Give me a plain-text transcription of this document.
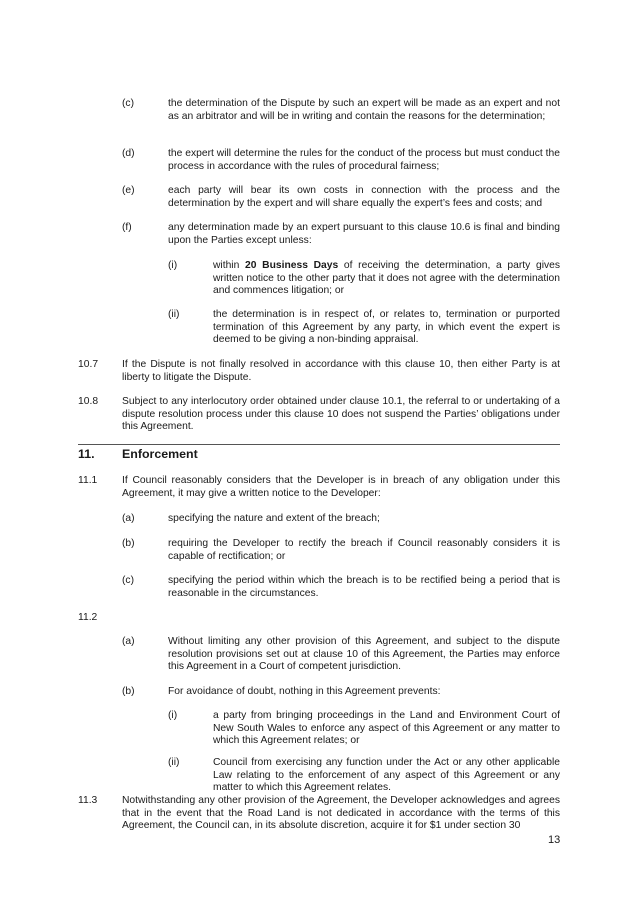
(c)	the determination of the Dispute by such an expert will be made as an expert and not as an arbitrator and will be in writing and contain the reasons for the determination;
(d)	the expert will determine the rules for the conduct of the process but must conduct the process in accordance with the rules of procedural fairness;
(e)	each party will bear its own costs in connection with the process and the determination by the expert and will share equally the expert’s fees and costs; and
(f)	any determination made by an expert pursuant to this clause 10.6 is final and binding upon the Parties except unless:
(i)	within 20 Business Days of receiving the determination, a party gives written notice to the other party that it does not agree with the determination and commences litigation; or
(ii)	the determination is in respect of, or relates to, termination or purported termination of this Agreement by any party, in which event the expert is deemed to be giving a non-binding appraisal.
10.7 If the Dispute is not finally resolved in accordance with this clause 10, then either Party is at liberty to litigate the Dispute.
10.8 Subject to any interlocutory order obtained under clause 10.1, the referral to or undertaking of a dispute resolution process under this clause 10 does not suspend the Parties’ obligations under this Agreement.
11. Enforcement
11.1 If Council reasonably considers that the Developer is in breach of any obligation under this Agreement, it may give a written notice to the Developer:
(a)	specifying the nature and extent of the breach;
(b)	requiring the Developer to rectify the breach if Council reasonably considers it is capable of rectification; or
(c)	specifying the period within which the breach is to be rectified being a period that is reasonable in the circumstances.
11.2
(a)	Without limiting any other provision of this Agreement, and subject to the dispute resolution provisions set out at clause 10 of this Agreement, the Parties may enforce this Agreement in a Court of competent jurisdiction.
(b)	For avoidance of doubt, nothing in this Agreement prevents:
(i)	a party from bringing proceedings in the Land and Environment Court of New South Wales to enforce any aspect of this Agreement or any matter to which this Agreement relates; or
(ii)	Council from exercising any function under the Act or any other applicable Law relating to the enforcement of any aspect of this Agreement or any matter to which this Agreement relates.
11.3 Notwithstanding any other provision of the Agreement, the Developer acknowledges and agrees that in the event that the Road Land is not dedicated in accordance with the terms of this Agreement, the Council can, in its absolute discretion, acquire it for $1 under section 30
13
